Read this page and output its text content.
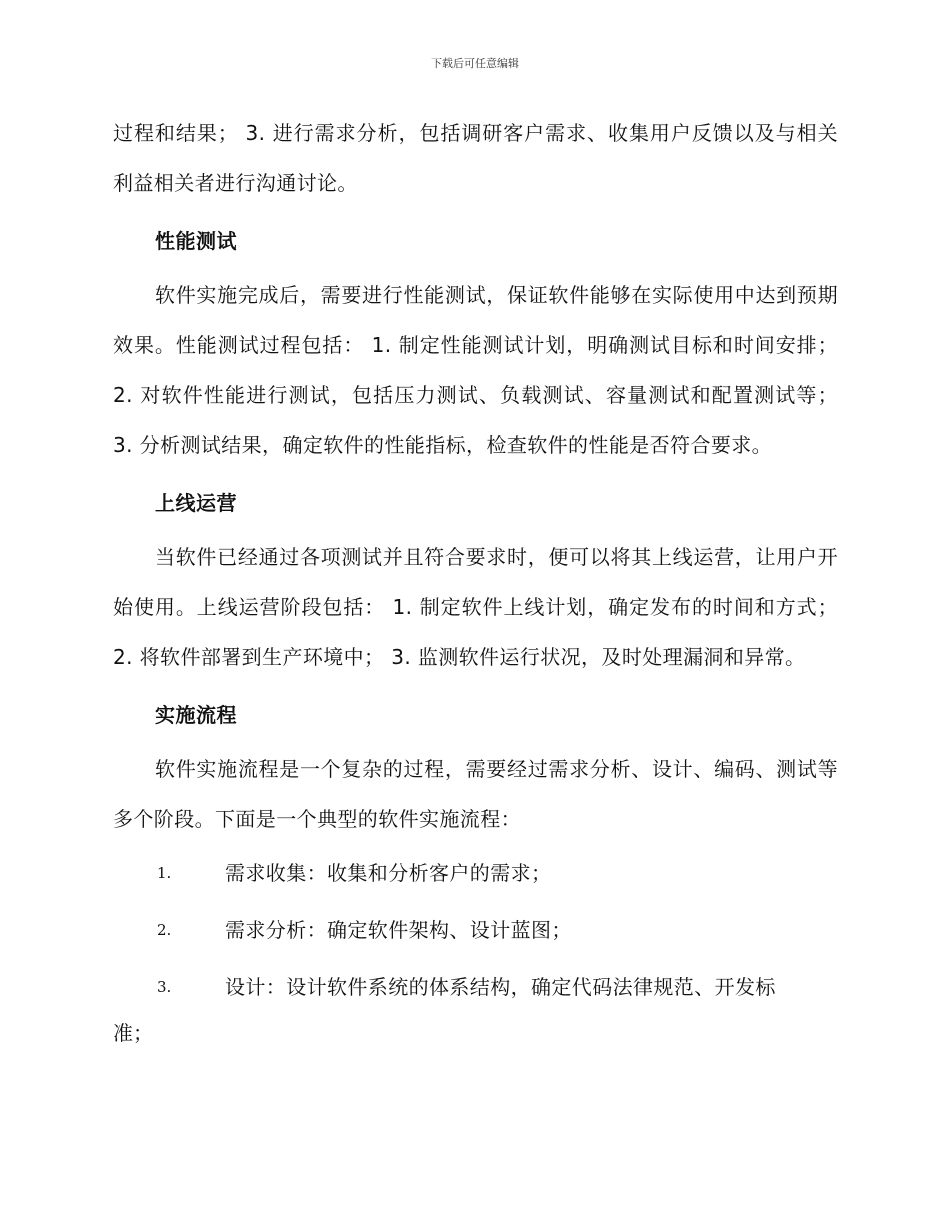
下载后可任意编辑

过程和结果； 3. 进行需求分析，包括调研客户需求、收集用户反馈以及与相关利益相关者进行沟通讨论。

性能测试

软件实施完成后，需要进行性能测试，保证软件能够在实际使用中达到预期效果。性能测试过程包括： 1. 制定性能测试计划，明确测试目标和时间安排； 2. 对软件性能进行测试，包括压力测试、负载测试、容量测试和配置测试等； 3. 分析测试结果，确定软件的性能指标，检查软件的性能是否符合要求。

上线运营

当软件已经通过各项测试并且符合要求时，便可以将其上线运营，让用户开始使用。上线运营阶段包括： 1. 制定软件上线计划，确定发布的时间和方式； 2. 将软件部署到生产环境中； 3. 监测软件运行状况，及时处理漏洞和异常。

实施流程

软件实施流程是一个复杂的过程，需要经过需求分析、设计、编码、测试等多个阶段。下面是一个典型的软件实施流程：

1.	需求收集：收集和分析客户的需求；
2.	需求分析：确定软件架构、设计蓝图；
3.	设计：设计软件系统的体系结构，确定代码法律规范、开发标

准；
